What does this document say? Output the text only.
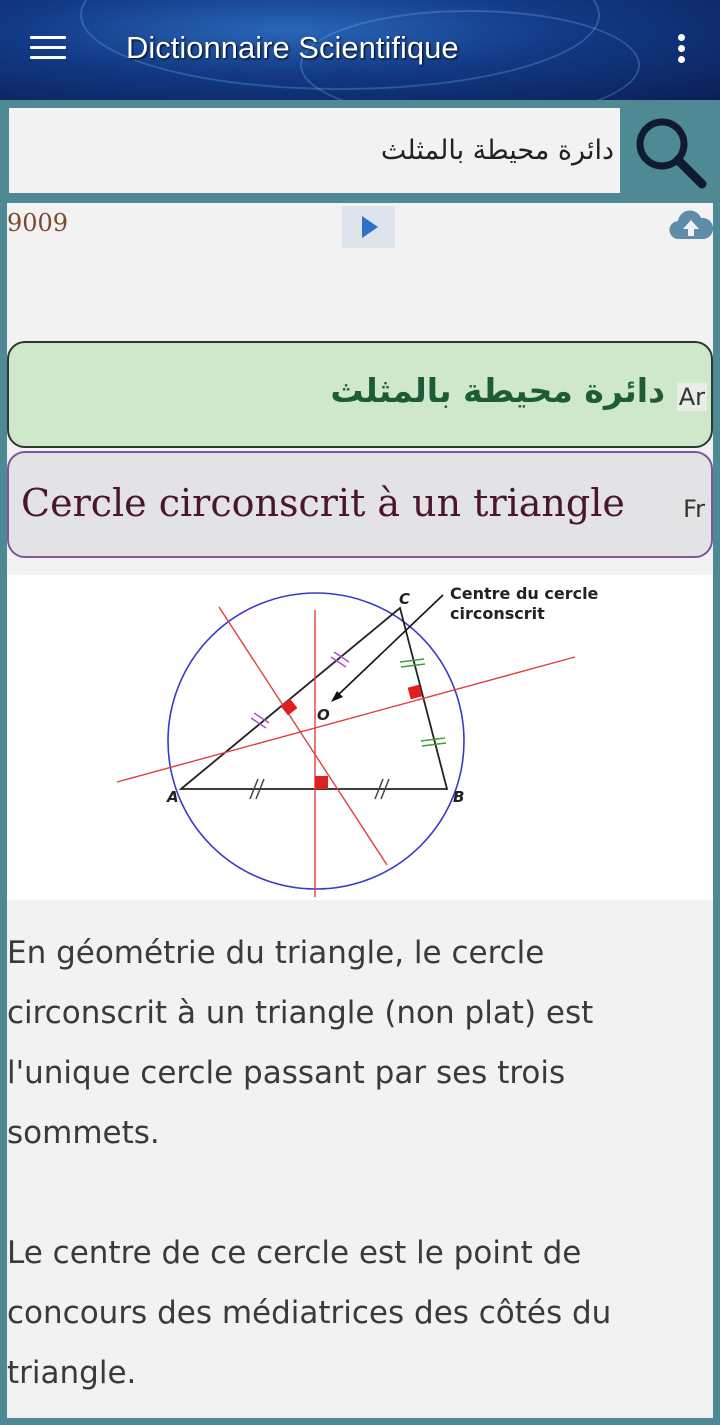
Dictionnaire Scientifique
دائرة محيطة بالمثلث
9009
دائرة محيطة بالمثلث Ar
Cercle circonscrit à un triangle Fr
C
A	B
O
Centre du cercle
circonscrit

En géométrie du triangle, le cercle circonscrit à un triangle (non plat) est l'unique cercle passant par ses trois sommets.

Le centre de ce cercle est le point de concours des médiatrices des côtés du triangle.
